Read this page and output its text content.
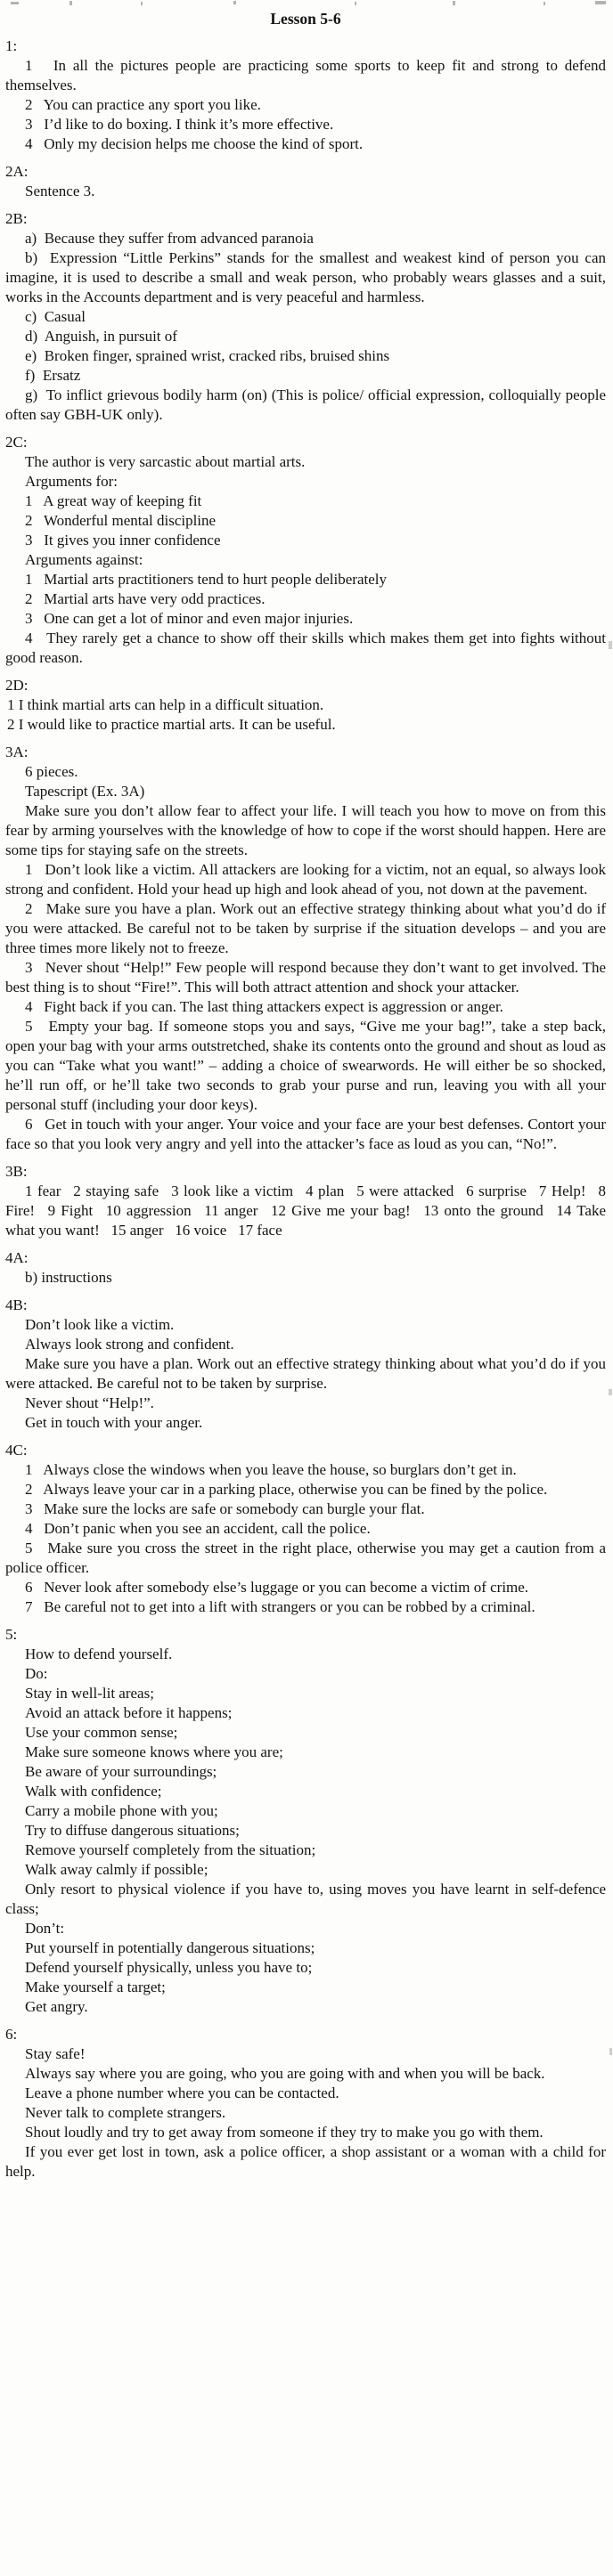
Lesson 5-6
1:

1   In all the pictures people are practicing some sports to keep fit and strong to defend themselves.

2   You can practice any sport you like.

3   I’d like to do boxing. I think it’s more effective.

4   Only my decision helps me choose the kind of sport.

2A:

Sentence 3.

2B:

a)  Because they suffer from advanced paranoia

b)  Expression “Little Perkins” stands for the smallest and weakest kind of person you can imagine, it is used to describe a small and weak person, who probably wears glasses and a suit, works in the Accounts department and is very peaceful and harmless.

c)  Casual

d)  Anguish, in pursuit of

e)  Broken finger, sprained wrist, cracked ribs, bruised shins

f)  Ersatz

g)  To inflict grievous bodily harm (on) (This is police/ official expression, colloquially people often say GBH-UK only).

2C:

The author is very sarcastic about martial arts.

Arguments for:

1   A great way of keeping fit

2   Wonderful mental discipline

3   It gives you inner confidence

Arguments against:

1   Martial arts practitioners tend to hurt people deliberately

2   Martial arts have very odd practices.

3   One can get a lot of minor and even major injuries.

4   They rarely get a chance to show off their skills which makes them get into fights without good reason.

2D:

1 I think martial arts can help in a difficult situation.

2 I would like to practice martial arts. It can be useful.

3A:

6 pieces.

Tapescript (Ex. 3A)

Make sure you don’t allow fear to affect your life. I will teach you how to move on from this fear by arming yourselves with the knowledge of how to cope if the worst should happen. Here are some tips for staying safe on the streets.

1   Don’t look like a victim. All attackers are looking for a victim, not an equal, so always look strong and confident. Hold your head up high and look ahead of you, not down at the pavement.

2   Make sure you have a plan. Work out an effective strategy thinking about what you’d do if you were attacked. Be careful not to be taken by surprise if the situation develops – and you are three times more likely not to freeze.

3   Never shout “Help!” Few people will respond because they don’t want to get involved. The best thing is to shout “Fire!”. This will both attract attention and shock your attacker.

4   Fight back if you can. The last thing attackers expect is aggression or anger.

5   Empty your bag. If someone stops you and says, “Give me your bag!”, take a step back, open your bag with your arms outstretched, shake its contents onto the ground and shout as loud as you can “Take what you want!” – adding a choice of swearwords. He will either be so shocked, he’ll run off, or he’ll take two seconds to grab your purse and run, leaving you with all your personal stuff (including your door keys).

6   Get in touch with your anger. Your voice and your face are your best defenses. Contort your face so that you look very angry and yell into the attacker’s face as loud as you can, “No!”.

3B:

1 fear  2 staying safe  3 look like a victim  4 plan  5 were attacked  6 surprise  7 Help!  8 Fire!  9 Fight  10 aggression  11 anger  12 Give me your bag!  13 onto the ground  14 Take what you want!  15 anger  16 voice  17 face

4A:

b) instructions

4B:

Don’t look like a victim.

Always look strong and confident.

Make sure you have a plan. Work out an effective strategy thinking about what you’d do if you were attacked. Be careful not to be taken by surprise.

Never shout “Help!”.

Get in touch with your anger.

4C:

1   Always close the windows when you leave the house, so burglars don’t get in.

2   Always leave your car in a parking place, otherwise you can be fined by the police.

3   Make sure the locks are safe or somebody can burgle your flat.

4   Don’t panic when you see an accident, call the police.

5   Make sure you cross the street in the right place, otherwise you may get a caution from a police officer.

6   Never look after somebody else’s luggage or you can become a victim of crime.

7   Be careful not to get into a lift with strangers or you can be robbed by a criminal.

5:

How to defend yourself.

Do:

Stay in well-lit areas;

Avoid an attack before it happens;

Use your common sense;

Make sure someone knows where you are;

Be aware of your surroundings;

Walk with confidence;

Carry a mobile phone with you;

Try to diffuse dangerous situations;

Remove yourself completely from the situation;

Walk away calmly if possible;

Only resort to physical violence if you have to, using moves you have learnt in self-defence class;

Don’t:

Put yourself in potentially dangerous situations;

Defend yourself physically, unless you have to;

Make yourself a target;

Get angry.

6:

Stay safe!

Always say where you are going, who you are going with and when you will be back.

Leave a phone number where you can be contacted.

Never talk to complete strangers.

Shout loudly and try to get away from someone if they try to make you go with them.

If you ever get lost in town, ask a police officer, a shop assistant or a woman with a child for help.
